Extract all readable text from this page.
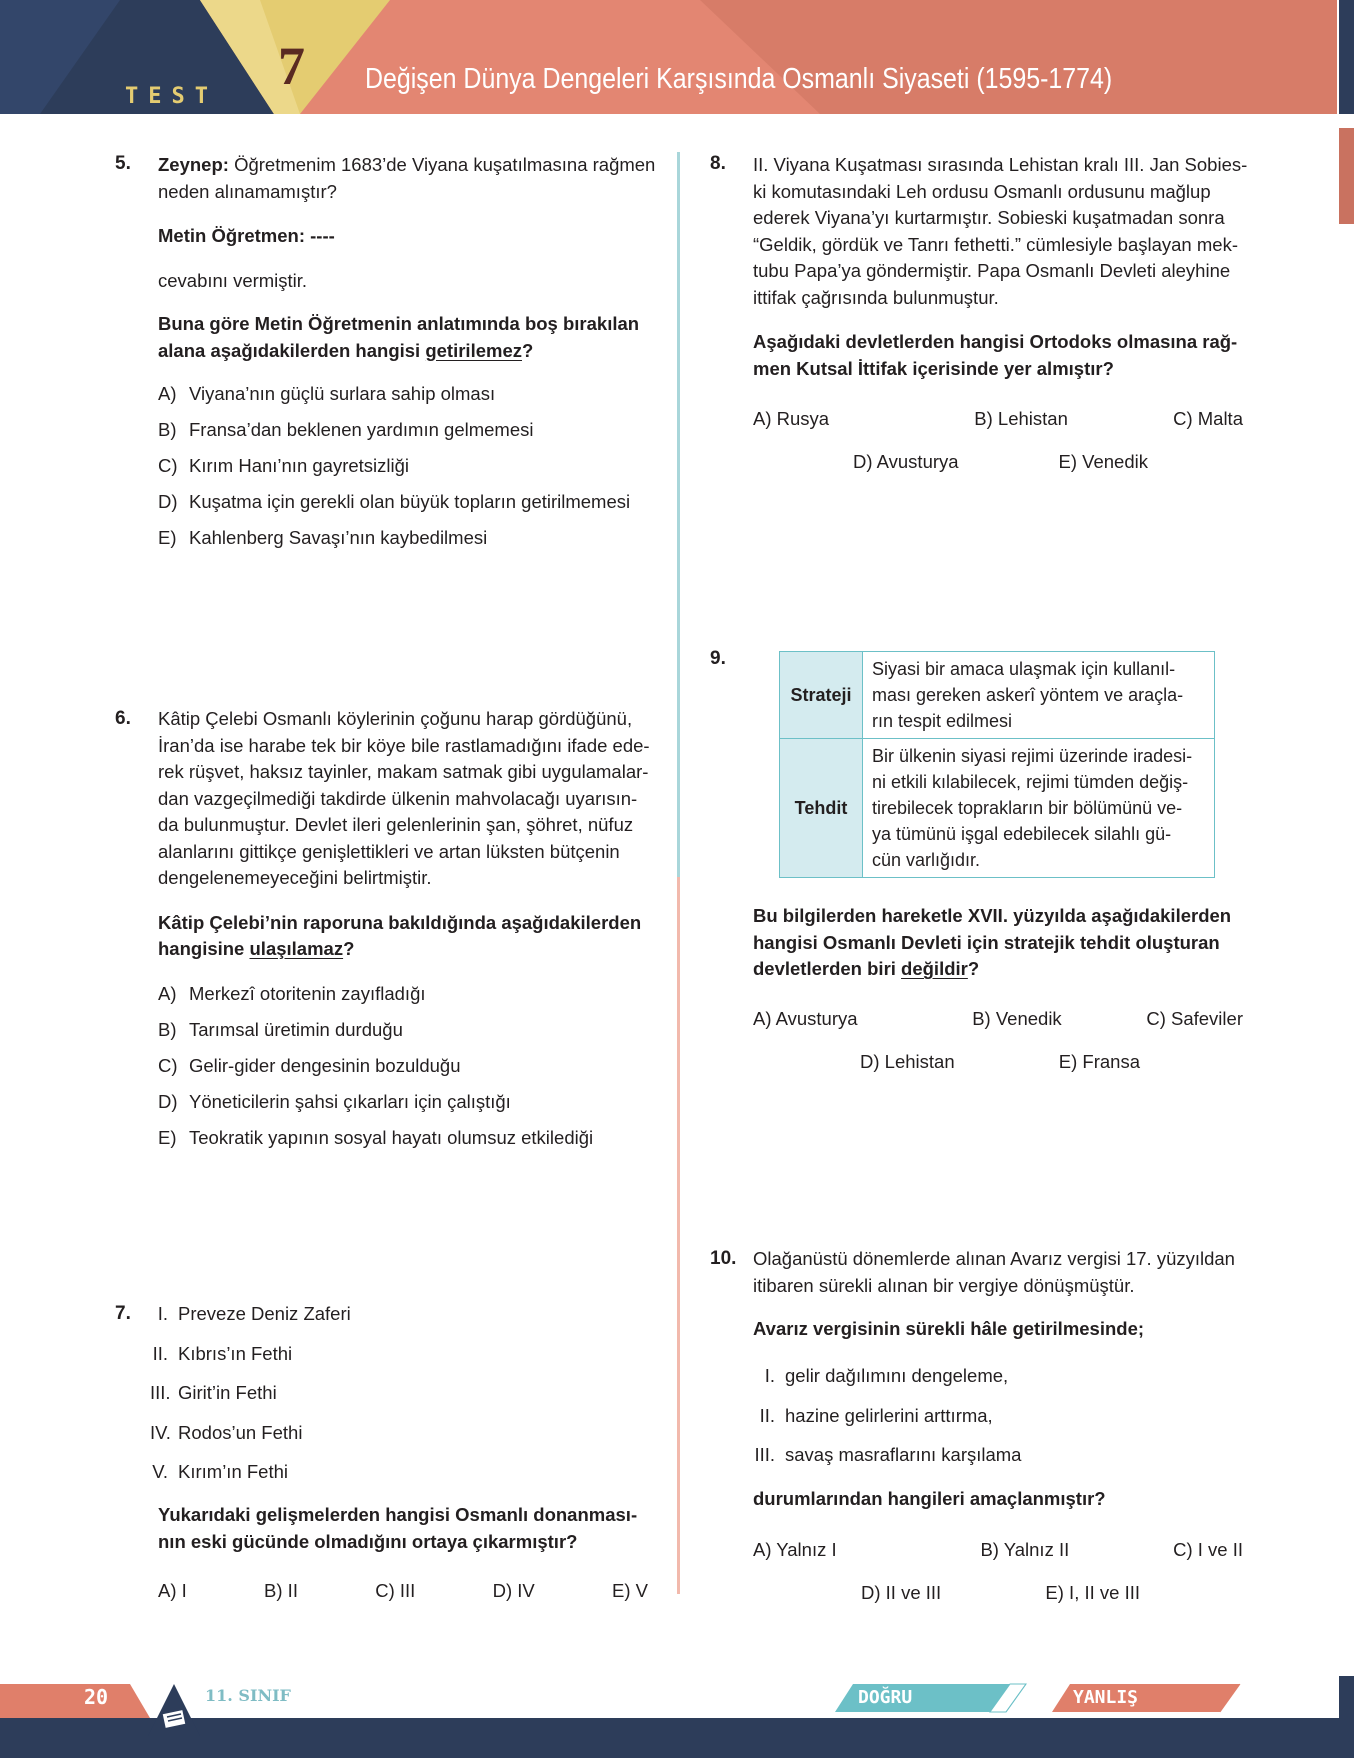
TEST
7 Değişen Dünya Dengeleri Karşısında Osmanlı Siyaseti (1595-1774)
5. Zeynep: Öğretmenim 1683’de Viyana kuşatılmasına rağmen

neden alınamamıştır?

Metin Öğretmen: ----

cevabını vermiştir.

Buna göre Metin Öğretmenin anlatımında boş bırakılan

alana aşağıdakilerden hangisi getirilemez?

A) Viyana’nın güçlü surlara sahip olması
B) Fransa’dan beklenen yardımın gelmemesi
C) Kırım Hanı’nın gayretsizliği
D) Kuşatma için gerekli olan büyük topların getirilmemesi
E) Kahlenberg Savaşı’nın kaybedilmesi
6. Kâtip Çelebi Osmanlı köylerinin çoğunu harap gördüğünü,

İran’da ise harabe tek bir köye bile rastlamadığını ifade ede-

rek rüşvet, haksız tayinler, makam satmak gibi uygulamalar-

dan vazgeçilmediği takdirde ülkenin mahvolacağı uyarısın-

da bulunmuştur. Devlet ileri gelenlerinin şan, şöhret, nüfuz

alanlarını gittikçe genişlettikleri ve artan lüksten bütçenin

dengelenemeyeceğini belirtmiştir.

Kâtip Çelebi’nin raporuna bakıldığında aşağıdakilerden

hangisine ulaşılamaz?

A) Merkezî otoritenin zayıfladığı
B) Tarımsal üretimin durduğu
C) Gelir-gider dengesinin bozulduğu
D) Yöneticilerin şahsi çıkarları için çalıştığı
E) Teokratik yapının sosyal hayatı olumsuz etkilediği
7.	I. Preveze Deniz Zaferi
II. Kıbrıs’ın Fethi
III. Girit’in Fethi
IV. Rodos’un Fethi
V. Kırım’ın Fethi

Yukarıdaki gelişmelerden hangisi Osmanlı donanması-

nın eski gücünde olmadığını ortaya çıkarmıştır?

A) I	B) II	C) III	D) IV	E) V
8. II. Viyana Kuşatması sırasında Lehistan kralı III. Jan Sobies-

ki komutasındaki Leh ordusu Osmanlı ordusunu mağlup

ederek Viyana’yı kurtarmıştır. Sobieski kuşatmadan sonra

“Geldik, gördük ve Tanrı fethetti.” cümlesiyle başlayan mek-

tubu Papa’ya göndermiştir. Papa Osmanlı Devleti aleyhine

ittifak çağrısında bulunmuştur.

Aşağıdaki devletlerden hangisi Ortodoks olmasına rağ-

men Kutsal İttifak içerisinde yer almıştır?

A) Rusya	B) Lehistan	C) Malta
D) Avusturya	E) Venedik
9.
Strateji	Siyasi bir amaca ulaşmak için kullanıl-
ması gereken askerî yöntem ve araçla-
rın tespit edilmesi

Tehdit	Bir ülkenin siyasi rejimi üzerinde iradesi-
ni etkili kılabilecek, rejimi tümden değiş-
tirebilecek toprakların bir bölümünü ve-
ya tümünü işgal edebilecek silahlı gü-
cün varlığıdır.

Bu bilgilerden hareketle XVII. yüzyılda aşağıdakilerden

hangisi Osmanlı Devleti için stratejik tehdit oluşturan

devletlerden biri değildir?

A) Avusturya	B) Venedik	C) Safeviler
D) Lehistan	E) Fransa
10. Olağanüstü dönemlerde alınan Avarız vergisi 17. yüzyıldan

itibaren sürekli alınan bir vergiye dönüşmüştür.

Avarız vergisinin sürekli hâle getirilmesinde;

I. gelir dağılımını dengeleme,
II. hazine gelirlerini arttırma,
III. savaş masraflarını karşılama

durumlarından hangileri amaçlanmıştır?

A) Yalnız I	B) Yalnız II	C) I ve II
D) II ve III	E) I, II ve III
20	11. SINIF	DOĞRU	YANLIŞ
